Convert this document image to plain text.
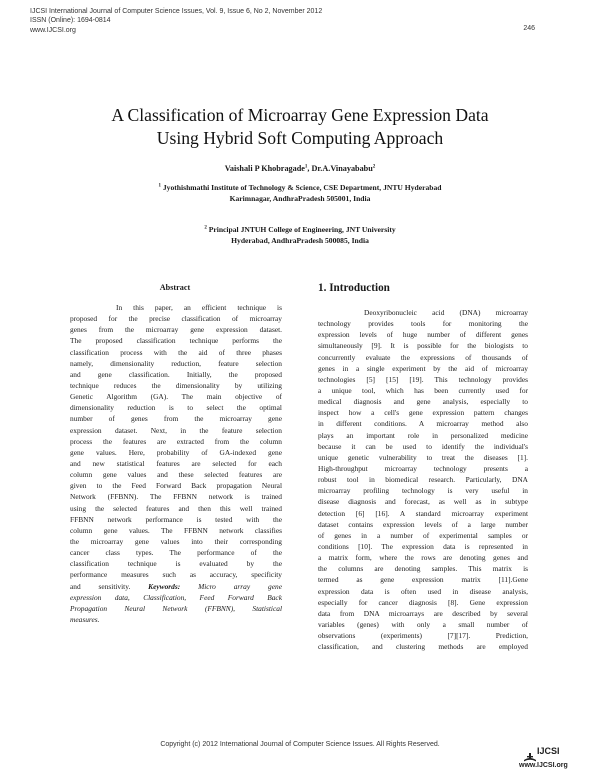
IJCSI International Journal of Computer Science Issues, Vol. 9, Issue 6, No 2, November 2012
ISSN (Online): 1694-0814
www.IJCSI.org	246
A Classification of Microarray Gene Expression Data
Using Hybrid Soft Computing Approach
Vaishali P Khobragade$^1$, Dr.A.Vinayababu$^2$
$^1$ Jyothishmathi Institute of Technology & Science, CSE Department, JNTU Hyderabad
Karimnagar, AndhraPradesh 505001, India
$^2$ Principal JNTUH College of Engineering, JNT University
Hyderabad, AndhraPradesh 500085, India
Abstract	1. Introduction
In this paper, an efficient technique is
proposed for the precise classification of microarray
genes from the microarray gene expression dataset.
The proposed classification technique performs the
classification process with the aid of three phases
namely, dimensionality reduction, feature selection
and gene classification. Initially, the proposed
technique reduces the dimensionality by utilizing
Genetic Algorithm (GA). The main objective of
dimensionality reduction is to select the optimal
number of genes from the microarray gene
expression dataset. Next, in the feature selection
process the features are extracted from the column
gene values. Here, probability of GA-indexed gene
and new statistical features are selected for each
column gene values and these selected features are
given to the Feed Forward Back propagation Neural
Network (FFBNN). The FFBNN network is trained
using the selected features and then this well trained
FFBNN network performance is tested with the
column gene values. The FFBNN network classifies
the microarray gene values into their corresponding
cancer class types. The performance of the
classification technique is evaluated by the
performance measures such as accuracy, specificity
and sensitivity. Keywords: Micro array gene
expression data, Classification, Feed Forward Back
Propagation Neural Network (FFBNN), Statistical
measures.
Deoxyribonucleic acid (DNA) microarray
technology provides tools for monitoring the
expression levels of huge number of different genes
simultaneously [9]. It is possible for the biologists to
concurrently evaluate the expressions of thousands of
genes in a single experiment by the aid of microarray
technologies [5] [15] [19]. This technology provides
a unique tool, which has been currently used for
medical diagnosis and gene analysis, especially to
inspect how a cell's gene expression pattern changes
in different conditions. A microarray method also
plays an important role in personalized medicine
because it can be used to identify the individual's
unique genetic vulnerability to treat the diseases [1].
High-throughput microarray technology presents a
robust tool in biomedical research. Particularly, DNA
microarray profiling technology is very useful in
disease diagnosis and forecast, as well as in subtype
detection [6] [16]. A standard microarray experiment
dataset contains expression levels of a large number
of genes in a number of experimental samples or
conditions [10]. The expression data is represented in
a matrix form, where the rows are denoting genes and
the columns are denoting samples. This matrix is
termed as gene expression matrix [11].Gene
expression data is often used in disease analysis,
especially for cancer diagnosis [8]. Gene expression
data from DNA microarrays are described by several
variables (genes) with only a small number of
observations (experiments) [7][17]. Prediction,
classification, and clustering methods are employed
Copyright (c) 2012 International Journal of Computer Science Issues. All Rights Reserved.
IJCSI
www.IJCSI.org
